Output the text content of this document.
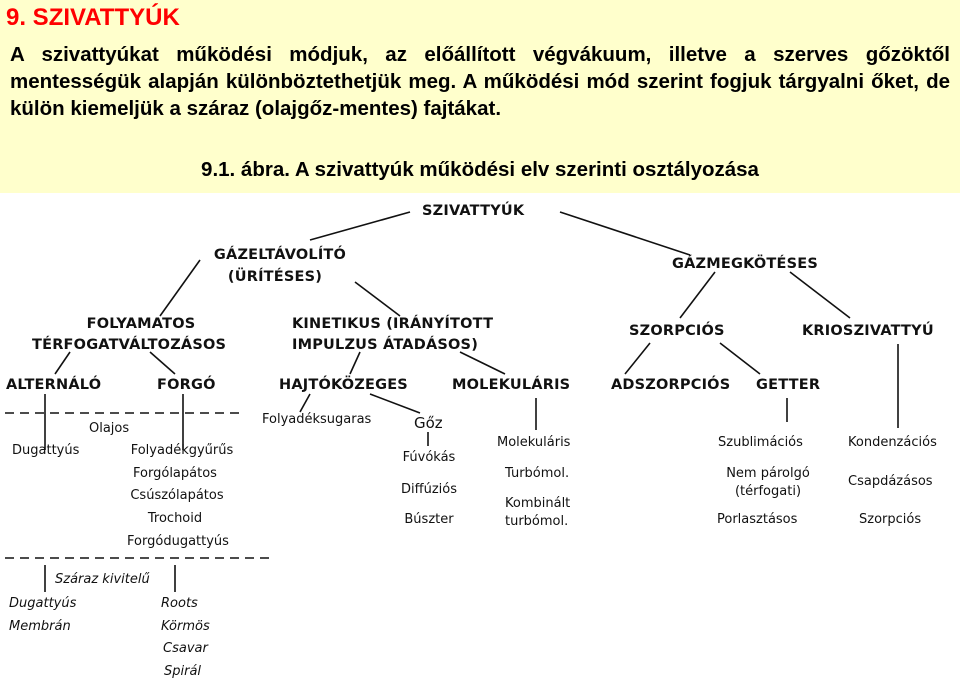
9. SZIVATTYÚK
A szivattyúkat működési módjuk, az előállított végvákuum, illetve a szerves gőzöktől mentességük alapján különböztethetjük meg. A működési mód szerint fogjuk tárgyalni őket, de külön kiemeljük a száraz (olajgőz-mentes) fajtákat.
9.1. ábra. A szivattyúk működési elv szerinti osztályozása
SZIVATTYÚK
GÁZELTÁVOLÍTÓ
(ÜRÍTÉSES)
GÁZMEGKÖTÉSES
FOLYAMATOS
TÉRFOGATVÁLTOZÁSOS
KINETIKUS (IRÁNYÍTOTT
IMPULZUS ÁTADÁSOS)
SZORPCIÓS	KRIOSZIVATTYÚ
ALTERNÁLÓ	FORGÓ	HAJTÓKÖZEGES	MOLEKULÁRIS	ADSZORPCIÓS GETTER
Olajos
Dugattyús	Folyadékgyűrűs
Forgólapátos
Csúszólapátos
Trochoid
Forgódugattyús
Folyadéksugaras	Gőz
Fúvókás
Diffúziós
Búszter
Molekuláris
Turbómol.
Kombinált
turbómol.
Szublimációs
Nem párolgó
(térfogati)
Porlasztásos
Kondenzációs
Csapdázásos
Szorpciós
Száraz kivitelű
Dugattyús
Membrán
Roots
Körmös
Csavar
Spirál
